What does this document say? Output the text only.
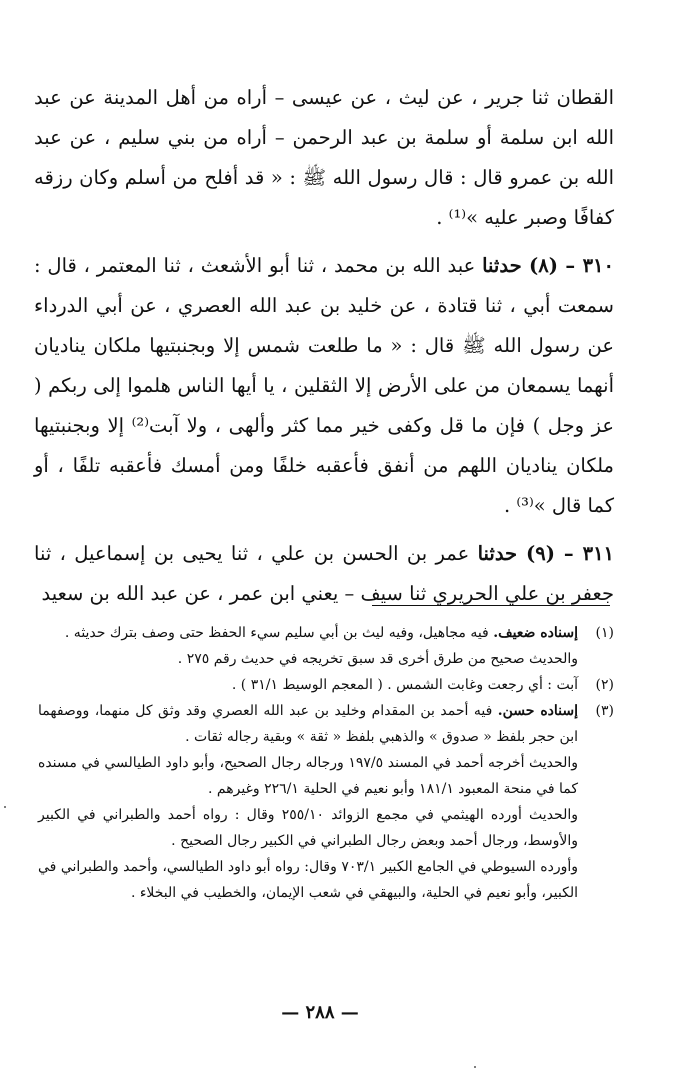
القطان ثنا جرير ، عن ليث ، عن عيسى – أراه من أهل المدينة عن عبد الله ابن سلمة أو سلمة بن عبد الرحمن – أراه من بني سليم ، عن عبد الله بن عمرو قال : قال رسول الله ﷺ : « قد أفلح من أسلم وكان رزقه كفافًا وصبر عليه »⁽¹⁾ .

٣١٠ – (٨) حدثنا عبد الله بن محمد ، ثنا أبو الأشعث ، ثنا المعتمر ، قال : سمعت أبي ، ثنا قتادة ، عن خليد بن عبد الله العصري ، عن أبي الدرداء عن رسول الله ﷺ قال : « ما طلعت شمس إلا وبجنبتيها ملكان يناديان أنهما يسمعان من على الأرض إلا الثقلين ، يا أيها الناس هلموا إلى ربكم ( عز وجل ) فإن ما قل وكفى خير مما كثر وألهى ، ولا آبت⁽²⁾ إلا وبجنبتيها ملكان يناديان اللهم من أنفق فأعقبه خلفًا ومن أمسك فأعقبه تلفًا ، أو كما قال »⁽³⁾ .

٣١١ – (٩) حدثنا عمر بن الحسن بن علي ، ثنا يحيى بن إسماعيل ، ثنا جعفر بن علي الحريري ثنا سيف – يعني ابن عمر ، عن عبد الله بن سعيد

(١)
إسناده ضعيف. فيه مجاهيل، وفيه ليث بن أبي سليم سيء الحفظ حتى وصف بترك حديثه .
والحديث صحيح من طرق أخرى قد سبق تخريجه في حديث رقم ٢٧٥ .
(٢)
آبت : أي رجعت وغابت الشمس . ( المعجم الوسيط ٣١/١ ) .
(٣)
إسناده حسن. فيه أحمد بن المقدام وخليد بن عبد الله العصري وقد وثق كل منهما، ووصفهما ابن حجر بلفظ « صدوق » والذهبي بلفظ « ثقة » وبقية رجاله ثقات .
والحديث أخرجه أحمد في المسند ١٩٧/٥ ورجاله رجال الصحيح، وأبو داود الطيالسي في مسنده كما في منحة المعبود ١٨١/١ وأبو نعيم في الحلية ٢٢٦/١ وغيرهم .
والحديث أورده الهيثمي في مجمع الزوائد ٢٥٥/١٠ وقال : رواه أحمد والطبراني في الكبير والأوسط، ورجال أحمد وبعض رجال الطبراني في الكبير رجال الصحيح .
وأورده السيوطي في الجامع الكبير ٧٠٣/١ وقال: رواه أبو داود الطيالسي، وأحمد والطبراني في الكبير، وأبو نعيم في الحلية، والبيهقي في شعب الإيمان، والخطيب في البخلاء .
— ٢٨٨ —
